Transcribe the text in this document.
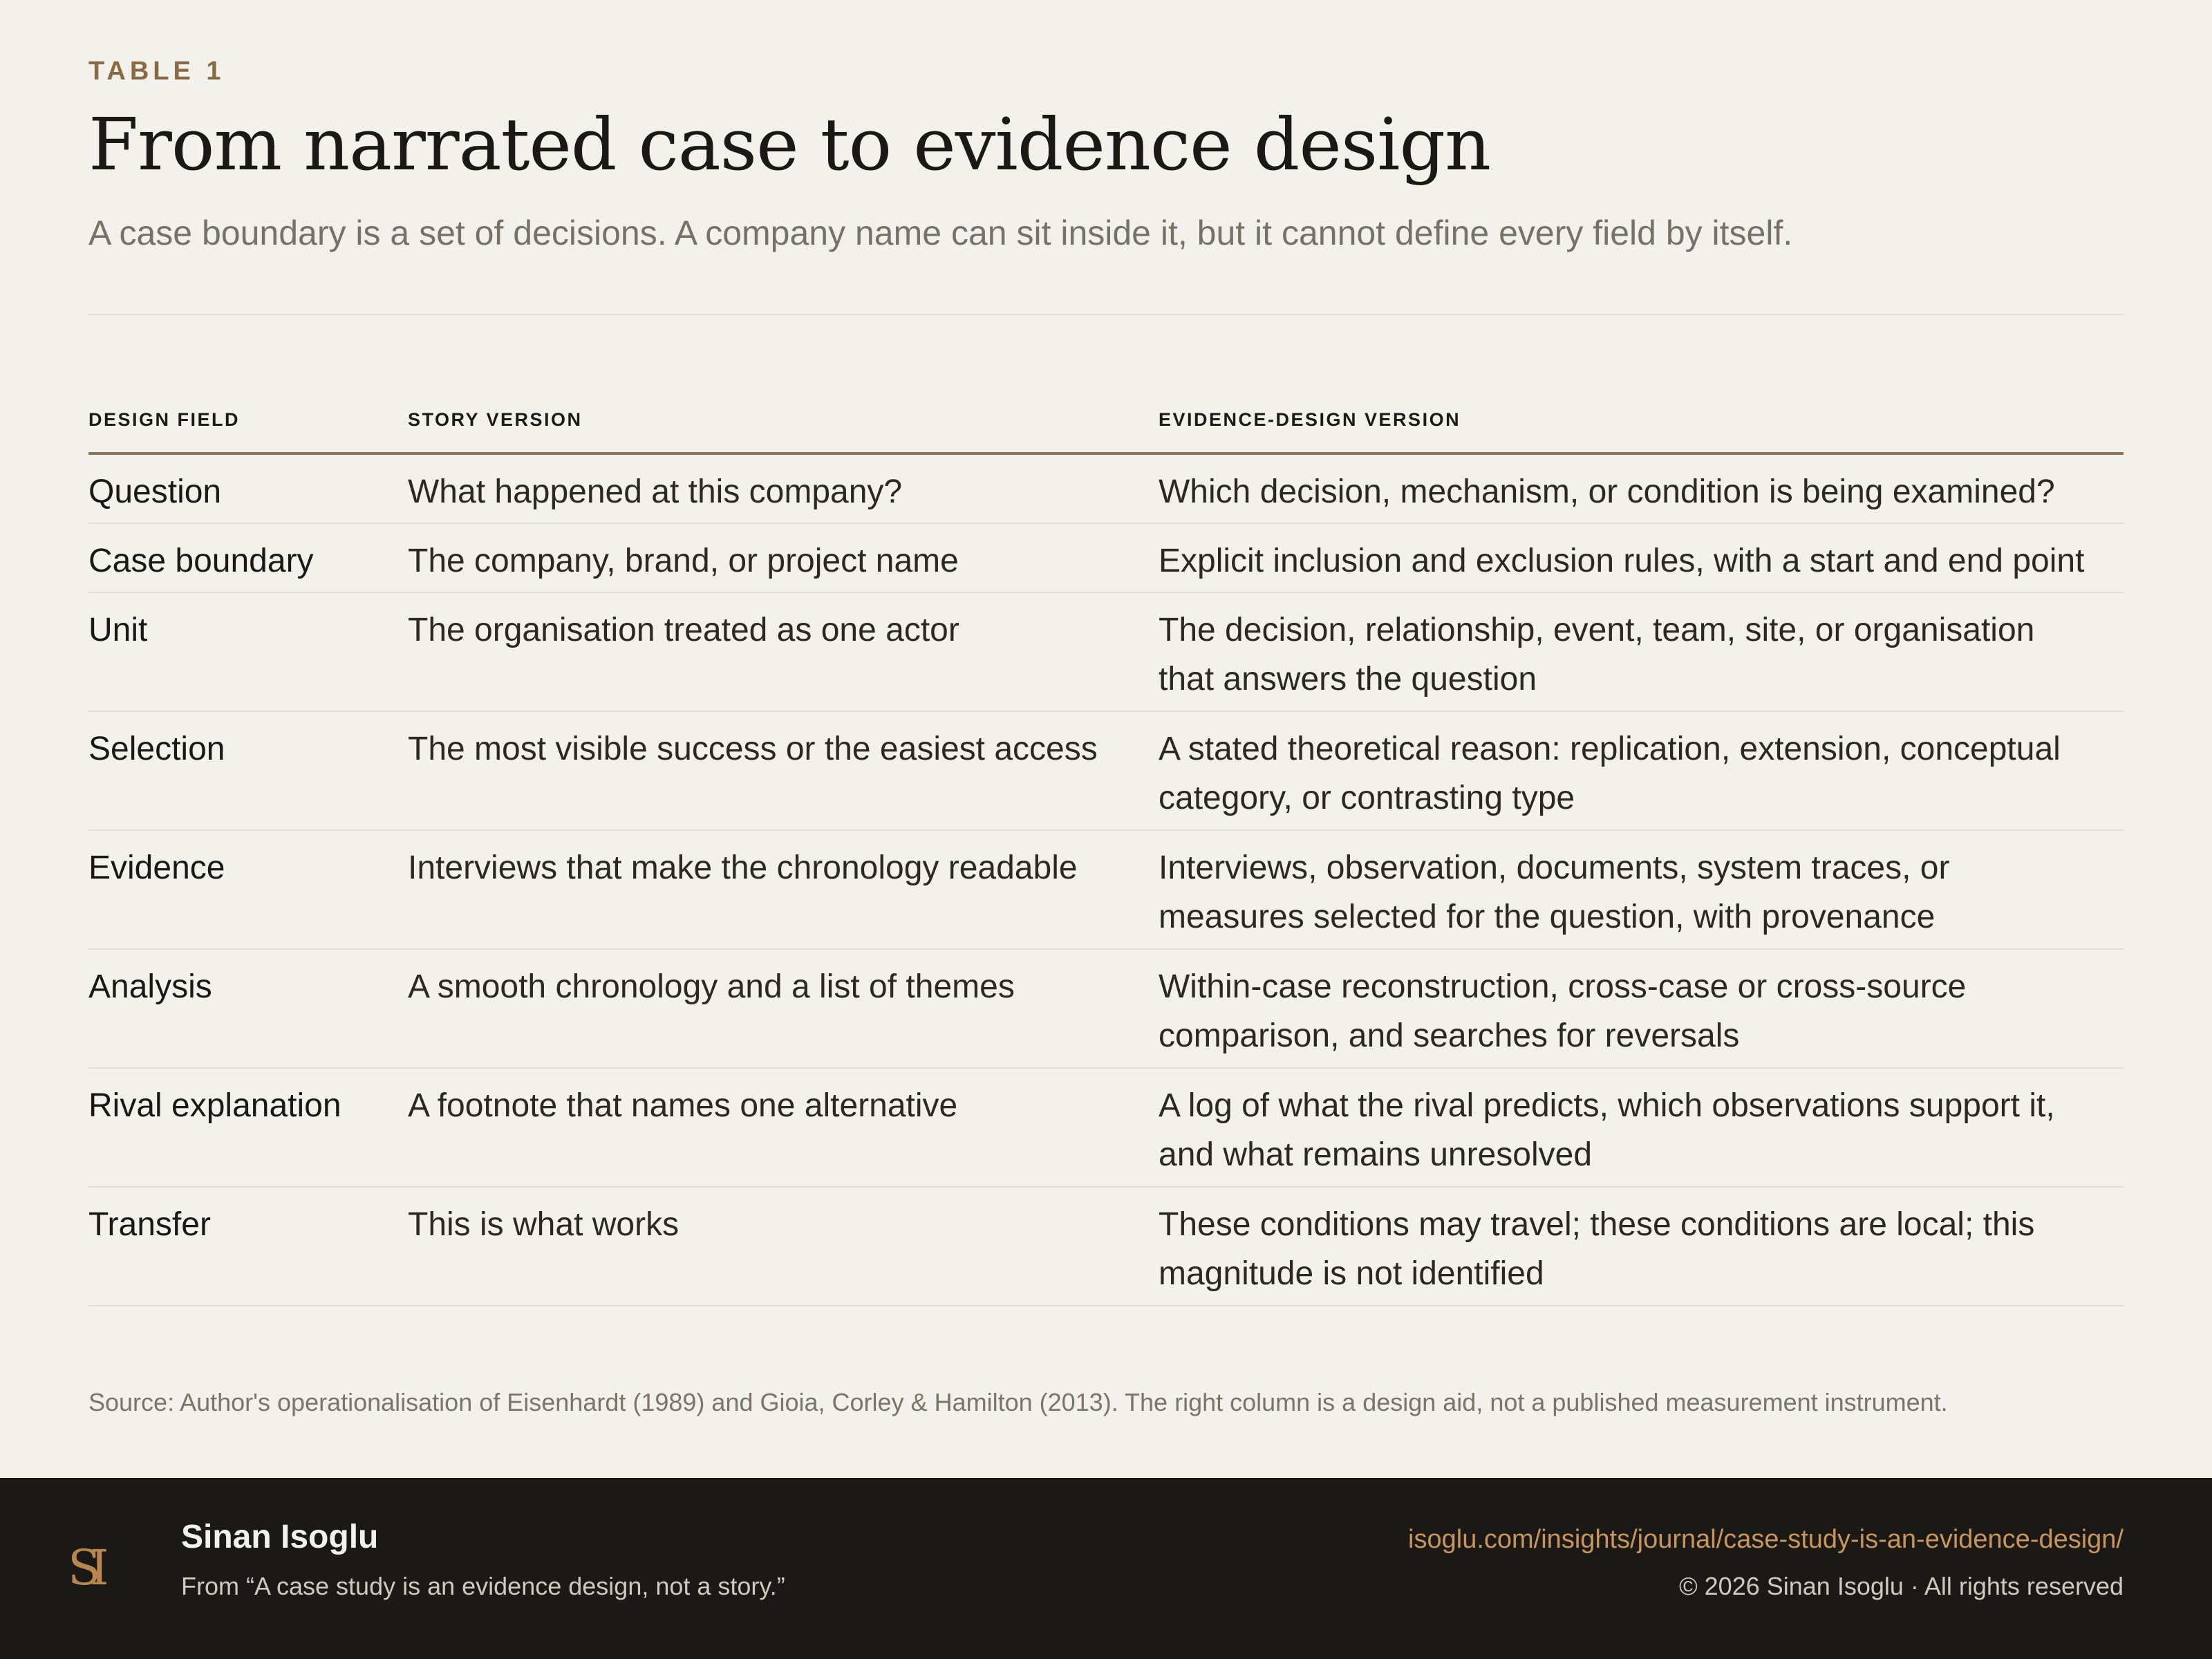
TABLE 1
From narrated case to evidence design

A case boundary is a set of decisions. A company name can sit inside it, but it cannot define every field by itself.

DESIGN FIELD	STORY VERSION	EVIDENCE-DESIGN VERSION
Question	What happened at this company?	Which decision, mechanism, or condition is being examined?
Case boundary	The company, brand, or project name	Explicit inclusion and exclusion rules, with a start and end point
Unit	The organisation treated as one actor	The decision, relationship, event, team, site, or organisation that answers the question
Selection	The most visible success or the easiest access	A stated theoretical reason: replication, extension, conceptual category, or contrasting type
Evidence	Interviews that make the chronology readable	Interviews, observation, documents, system traces, or measures selected for the question, with provenance
Analysis	A smooth chronology and a list of themes	Within-case reconstruction, cross-case or cross-source comparison, and searches for reversals
Rival explanation	A footnote that names one alternative	A log of what the rival predicts, which observations support it, and what remains unresolved
Transfer	This is what works	These conditions may travel; these conditions are local; this magnitude is not identified

Source: Author's operationalisation of Eisenhardt (1989) and Gioia, Corley & Hamilton (2013). The right column is a design aid, not a published measurement instrument.

SI
Sinan Isoglu
From “A case study is an evidence design, not a story.”
isoglu.com/insights/journal/case-study-is-an-evidence-design/
© 2026 Sinan Isoglu · All rights reserved
